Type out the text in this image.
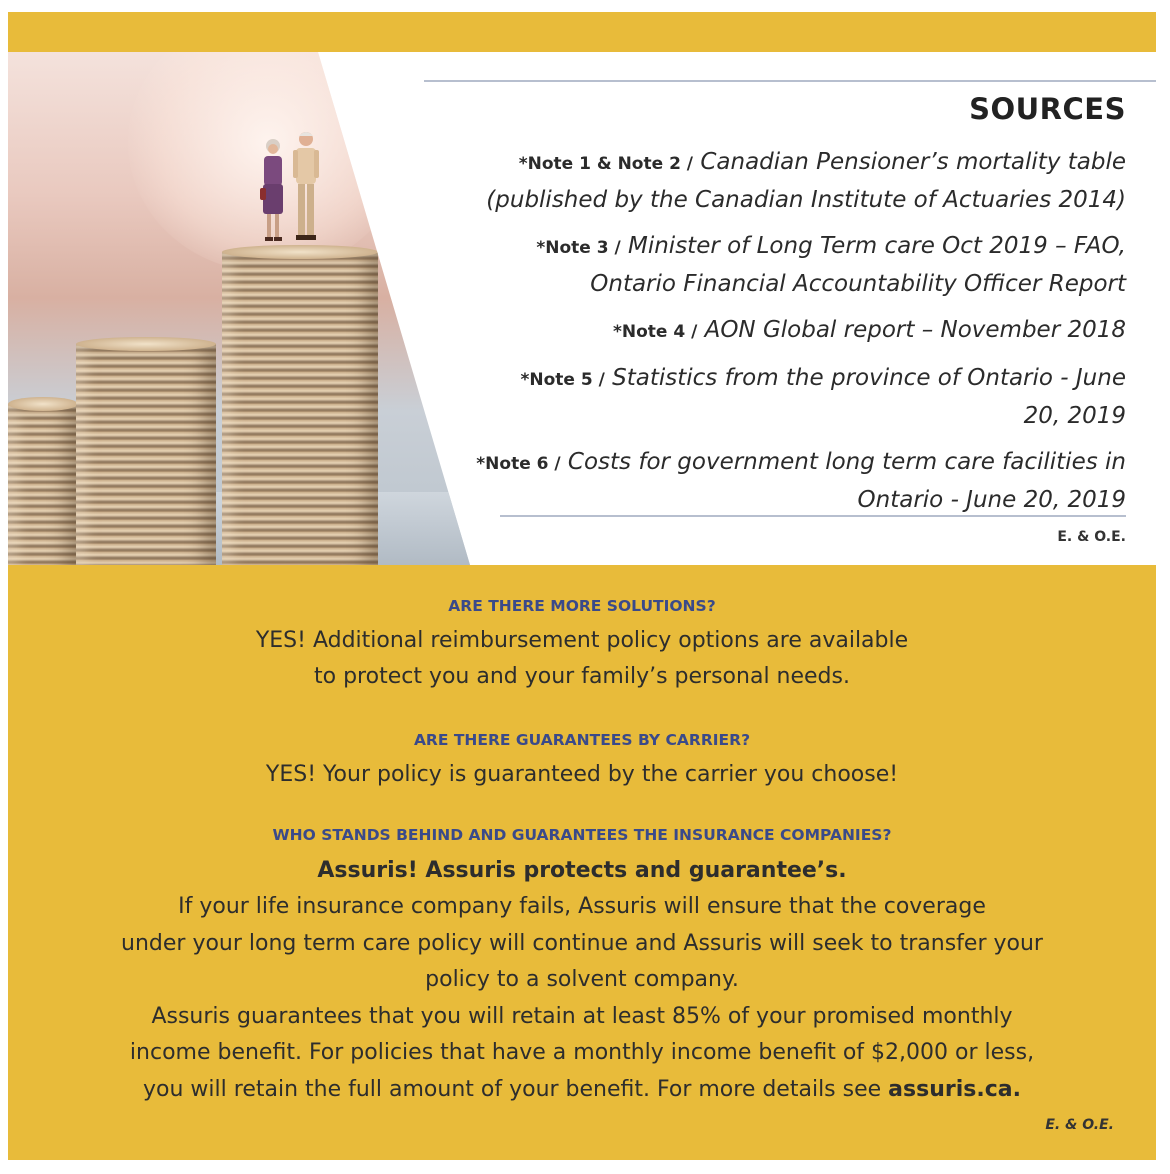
SOURCES
*Note 1 & Note 2 / Canadian Pensioner’s mortality table
(published by the Canadian Institute of Actuaries 2014)
*Note 3 / Minister of Long Term care Oct 2019 – FAO,
Ontario Financial Accountability Officer Report
*Note 4 / AON Global report – November 2018
*Note 5 / Statistics from the province of Ontario - June
20, 2019
*Note 6 / Costs for government long term care facilities in
Ontario - June 20, 2019
E. & O.E.
ARE THERE MORE SOLUTIONS?
YES! Additional reimbursement policy options are available
to protect you and your family’s personal needs.
ARE THERE GUARANTEES BY CARRIER?
YES! Your policy is guaranteed by the carrier you choose!
WHO STANDS BEHIND AND GUARANTEES THE INSURANCE COMPANIES?
Assuris! Assuris protects and guarantee’s.
If your life insurance company fails, Assuris will ensure that the coverage
under your long term care policy will continue and Assuris will seek to transfer your
policy to a solvent company.
Assuris guarantees that you will retain at least 85% of your promised monthly
income benefit. For policies that have a monthly income benefit of $2,000 or less,
you will retain the full amount of your benefit. For more details see assuris.ca.
E. & O.E.
